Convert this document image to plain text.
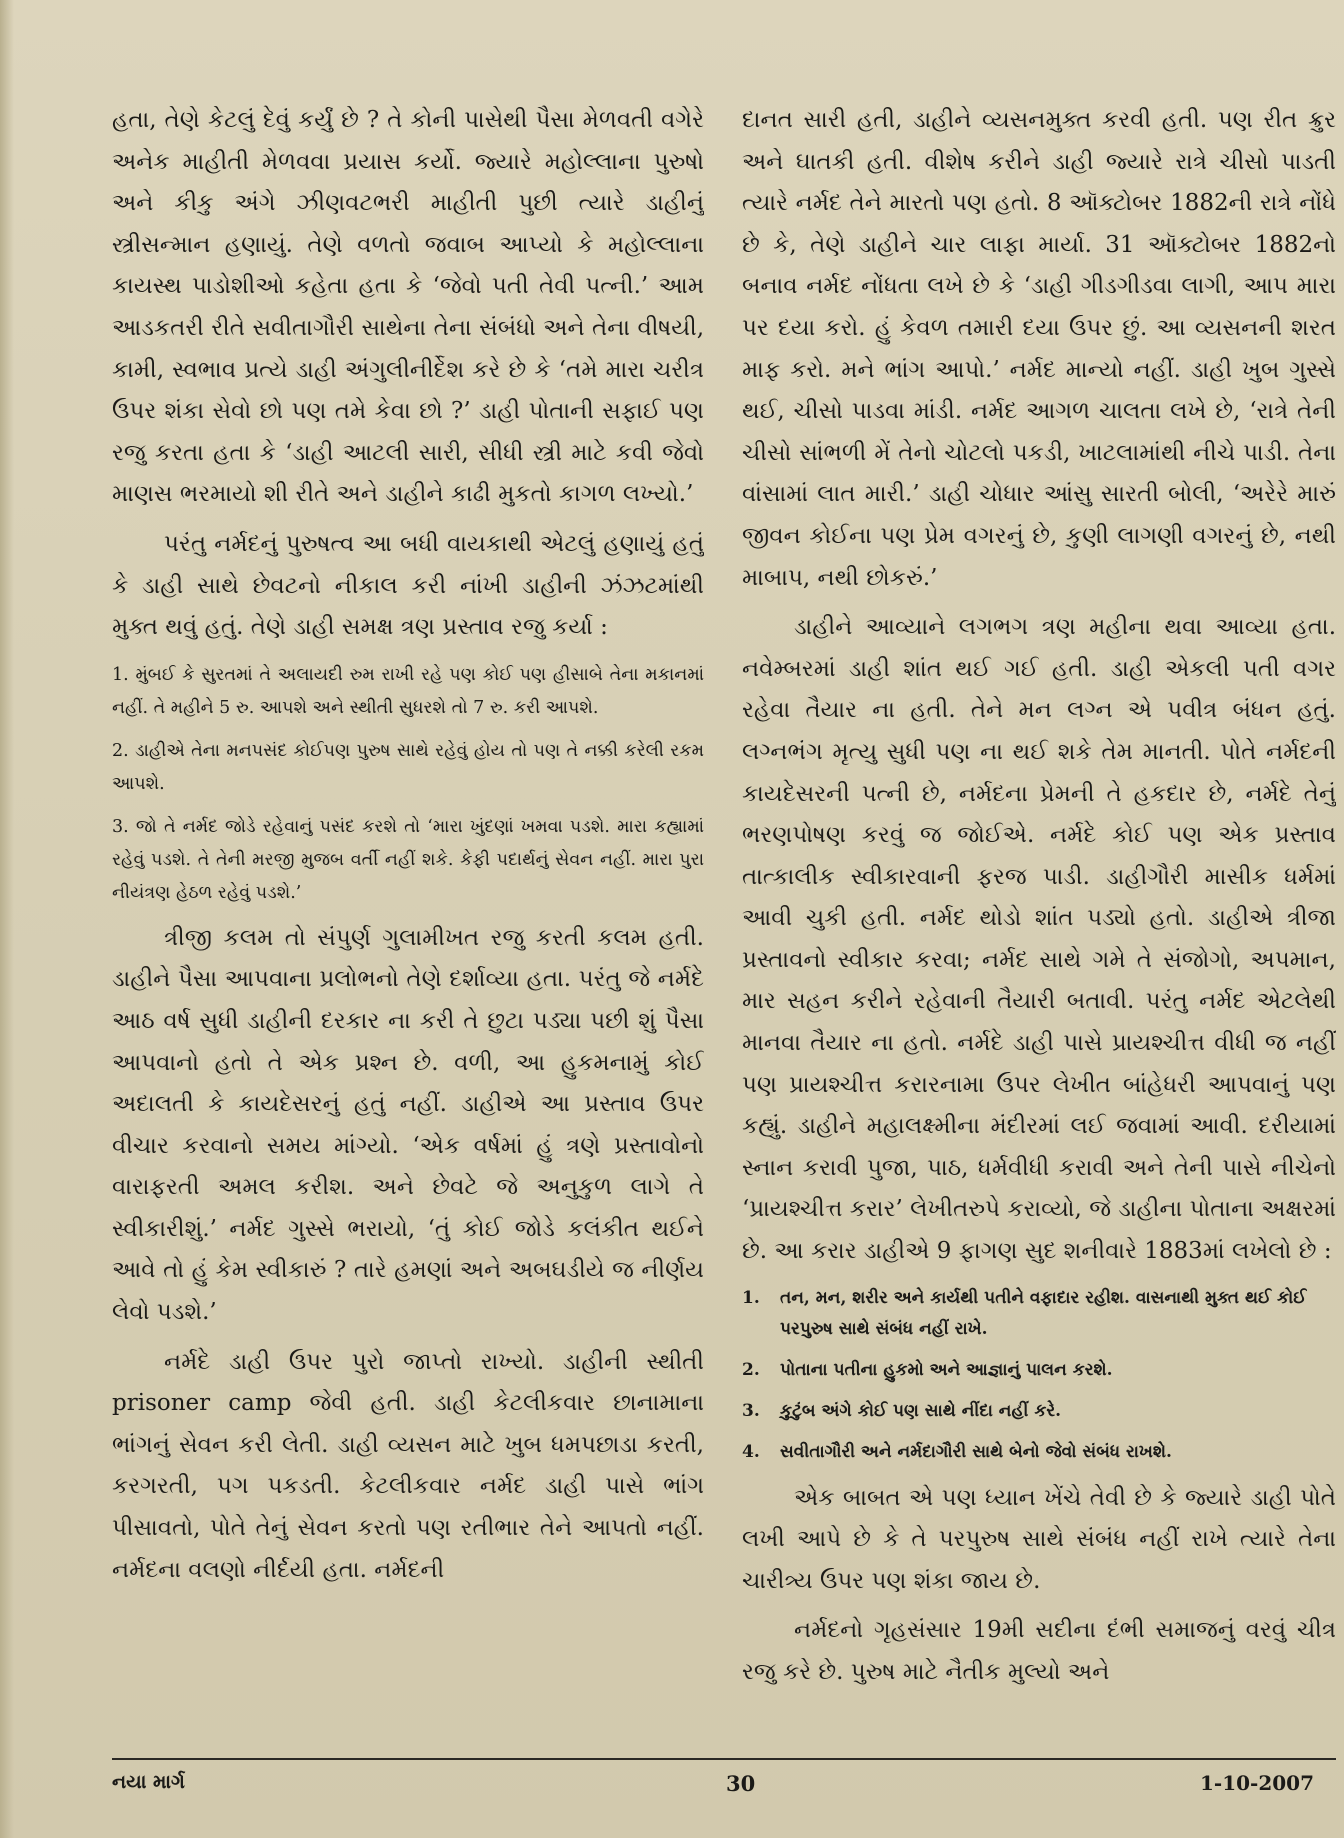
હતા, તેણે કેટલું દેવું કર્યું છે ? તે કોની પાસેથી પૈસા મેળવતી વગેરે અનેક માહીતી મેળવવા પ્રયાસ કર્યો. જ્યારે મહોલ્લાના પુરુષો અને કીકુ અંગે ઝીણવટભરી માહીતી પુછી ત્યારે ડાહીનું સ્ત્રીસન્માન હણાયું. તેણે વળતો જવાબ આપ્યો કે મહોલ્લાના કાયસ્થ પાડોશીઓ કહેતા હતા કે ‘જેવો પતી તેવી પત્ની.’ આમ આડકતરી રીતે સવીતાગૌરી સાથેના તેના સંબંધો અને તેના વીષયી, કામી, સ્વભાવ પ્રત્યે ડાહી અંગુલીનીર્દેશ કરે છે કે ‘તમે મારા ચરીત્ર ઉપર શંકા સેવો છો પણ તમે કેવા છો ?’ ડાહી પોતાની સફાઈ પણ રજુ કરતા હતા કે ‘ડાહી આટલી સારી, સીધી સ્ત્રી માટે કવી જેવો માણસ ભરમાયો શી રીતે અને ડાહીને કાઢી મુકતો કાગળ લખ્યો.’

પરંતુ નર્મદનું પુરુષત્વ આ બધી વાયકાથી એટલું હણાયું હતું કે ડાહી સાથે છેવટનો નીકાલ કરી નાંખી ડાહીની ઝંઝટમાંથી મુક્ત થવું હતું. તેણે ડાહી સમક્ષ ત્રણ પ્રસ્તાવ રજુ કર્યા :

1. મુંબઈ કે સુરતમાં તે અલાયદી રુમ રાખી રહે પણ કોઈ પણ હીસાબે તેના મકાનમાં નહીં. તે મહીને 5 રુ. આપશે અને સ્થીતી સુધરશે તો 7 રુ. કરી આપશે.

2. ડાહીએ તેના મનપસંદ કોઈપણ પુરુષ સાથે રહેવું હોય તો પણ તે નક્કી કરેલી રકમ આપશે.

3. જો તે નર્મદ જોડે રહેવાનું પસંદ કરશે તો ‘મારા ખુંદણાં ખમવા પડશે. મારા કહ્યામાં રહેવું પડશે. તે તેની મરજી મુજબ વર્તી નહીં શકે. કેફી પદાર્થનું સેવન નહીં. મારા પુરા નીયંત્રણ હેઠળ રહેવું પડશે.’

ત્રીજી કલમ તો સંપુર્ણ ગુલામીખત રજુ કરતી કલમ હતી. ડાહીને પૈસા આપવાના પ્રલોભનો તેણે દર્શાવ્યા હતા. પરંતુ જે નર્મદે આઠ વર્ષ સુધી ડાહીની દરકાર ના કરી તે છુટા પડ્યા પછી શું પૈસા આપવાનો હતો તે એક પ્રશ્ન છે. વળી, આ હુકમનામું કોઈ અદાલતી કે કાયદેસરનું હતું નહીં. ડાહીએ આ પ્રસ્તાવ ઉપર વીચાર કરવાનો સમય માંગ્યો. ‘એક વર્ષમાં હું ત્રણે પ્રસ્તાવોનો વારાફરતી અમલ કરીશ. અને છેવટે જે અનુકુળ લાગે તે સ્વીકારીશું.’ નર્મદ ગુસ્સે ભરાયો, ‘તું કોઈ જોડે કલંકીત થઈને આવે તો હું કેમ સ્વીકારું ? તારે હમણાં અને અબઘડીયે જ નીર્ણય લેવો પડશે.’

નર્મદે ડાહી ઉપર પુરો જાપ્તો રાખ્યો. ડાહીની સ્થીતી prisoner camp જેવી હતી. ડાહી કેટલીકવાર છાનામાના ભાંગનું સેવન કરી લેતી. ડાહી વ્યસન માટે ખુબ ધમપછાડા કરતી, કરગરતી, પગ પકડતી. કેટલીકવાર નર્મદ ડાહી પાસે ભાંગ પીસાવતો, પોતે તેનું સેવન કરતો પણ રતીભાર તેને આપતો નહીં. નર્મદના વલણો નીર્દયી હતા. નર્મદની

દાનત સારી હતી, ડાહીને વ્યસનમુક્ત કરવી હતી. પણ રીત ક્રુર અને ઘાતકી હતી. વીશેષ કરીને ડાહી જ્યારે રાત્રે ચીસો પાડતી ત્યારે નર્મદ તેને મારતો પણ હતો. 8 ઑક્ટોબર 1882ની રાત્રે નોંધે છે કે, તેણે ડાહીને ચાર લાફા માર્યા. 31 ઑક્ટોબર 1882નો બનાવ નર્મદ નોંધતા લખે છે કે ‘ડાહી ગીડગીડવા લાગી, આપ મારા પર દયા કરો. હું કેવળ તમારી દયા ઉપર છું. આ વ્યસનની શરત માફ કરો. મને ભાંગ આપો.’ નર્મદ માન્યો નહીં. ડાહી ખુબ ગુસ્સે થઈ, ચીસો પાડવા માંડી. નર્મદ આગળ ચાલતા લખે છે, ‘રાત્રે તેની ચીસો સાંભળી મેં તેનો ચોટલો પકડી, ખાટલામાંથી નીચે પાડી. તેના વાંસામાં લાત મારી.’ ડાહી ચોધાર આંસુ સારતી બોલી, ‘અરેરે મારું જીવન કોઈના પણ પ્રેમ વગરનું છે, કુણી લાગણી વગરનું છે, નથી માબાપ, નથી છોકરું.’

ડાહીને આવ્યાને લગભગ ત્રણ મહીના થવા આવ્યા હતા. નવેમ્બરમાં ડાહી શાંત થઈ ગઈ હતી. ડાહી એકલી પતી વગર રહેવા તૈયાર ના હતી. તેને મન લગ્ન એ પવીત્ર બંધન હતું. લગ્નભંગ મૃત્યુ સુધી પણ ના થઈ શકે તેમ માનતી. પોતે નર્મદની કાયદેસરની પત્ની છે, નર્મદના પ્રેમની તે હકદાર છે, નર્મદે તેનું ભરણપોષણ કરવું જ જોઈએ. નર્મદે કોઈ પણ એક પ્રસ્તાવ તાત્કાલીક સ્વીકારવાની ફરજ પાડી. ડાહીગૌરી માસીક ધર્મમાં આવી ચુકી હતી. નર્મદ થોડો શાંત પડ્યો હતો. ડાહીએ ત્રીજા પ્રસ્તાવનો સ્વીકાર કરવા; નર્મદ સાથે ગમે તે સંજોગો, અપમાન, માર સહન કરીને રહેવાની તૈયારી બતાવી. પરંતુ નર્મદ એટલેથી માનવા તૈયાર ના હતો. નર્મદે ડાહી પાસે પ્રાયશ્ચીત્ત વીધી જ નહીં પણ પ્રાયશ્ચીત્ત કરારનામા ઉપર લેખીત બાંહેધરી આપવાનું પણ કહ્યું. ડાહીને મહાલક્ષ્મીના મંદીરમાં લઈ જવામાં આવી. દરીયામાં સ્નાન કરાવી પુજા, પાઠ, ધર્મવીધી કરાવી અને તેની પાસે નીચેનો ‘પ્રાયશ્ચીત્ત કરાર’ લેખીતરુપે કરાવ્યો, જે ડાહીના પોતાના અક્ષરમાં છે. આ કરાર ડાહીએ 9 ફાગણ સુદ શનીવારે 1883માં લખેલો છે :

1. તન, મન, શરીર અને કાર્યથી પતીને વફાદાર રહીશ. વાસનાથી મુક્ત થઈ કોઈ પરપુરુષ સાથે સંબંધ નહીં રાખે.
2. પોતાના પતીના હુકમો અને આજ્ઞાનું પાલન કરશે.
3. કુટુંબ અંગે કોઈ પણ સાથે નીંદા નહીં કરે.
4. સવીતાગૌરી અને નર્મદાગૌરી સાથે બેનો જેવો સંબંધ રાખશે.

એક બાબત એ પણ ધ્યાન ખેંચે તેવી છે કે જ્યારે ડાહી પોતે લખી આપે છે કે તે પરપુરુષ સાથે સંબંધ નહીં રાખે ત્યારે તેના ચારીત્ર્ય ઉપર પણ શંકા જાય છે.

નર્મદનો ગૃહસંસાર 19મી સદીના દંભી સમાજનું વરવું ચીત્ર રજુ કરે છે. પુરુષ માટે નૈતીક મુલ્યો અને

નયા માર્ગ	30	1-10-2007
